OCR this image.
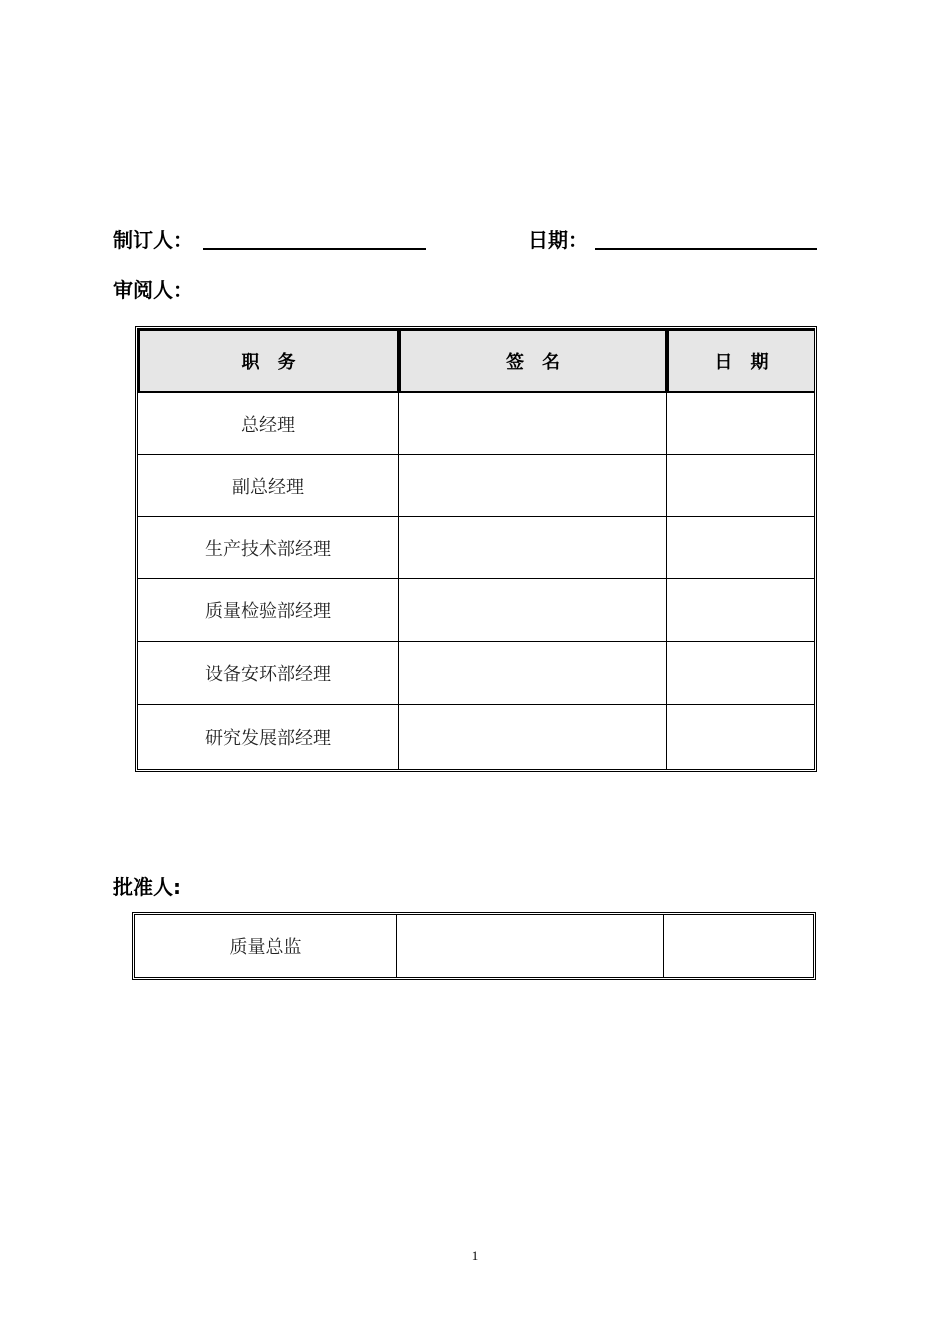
制订人：	日期：
审阅人：
职　务	签　名	日　期
总经理		
副总经理		
生产技术部经理		
质量检验部经理		
设备安环部经理		
研究发展部经理		
批准人:
质量总监		
1
